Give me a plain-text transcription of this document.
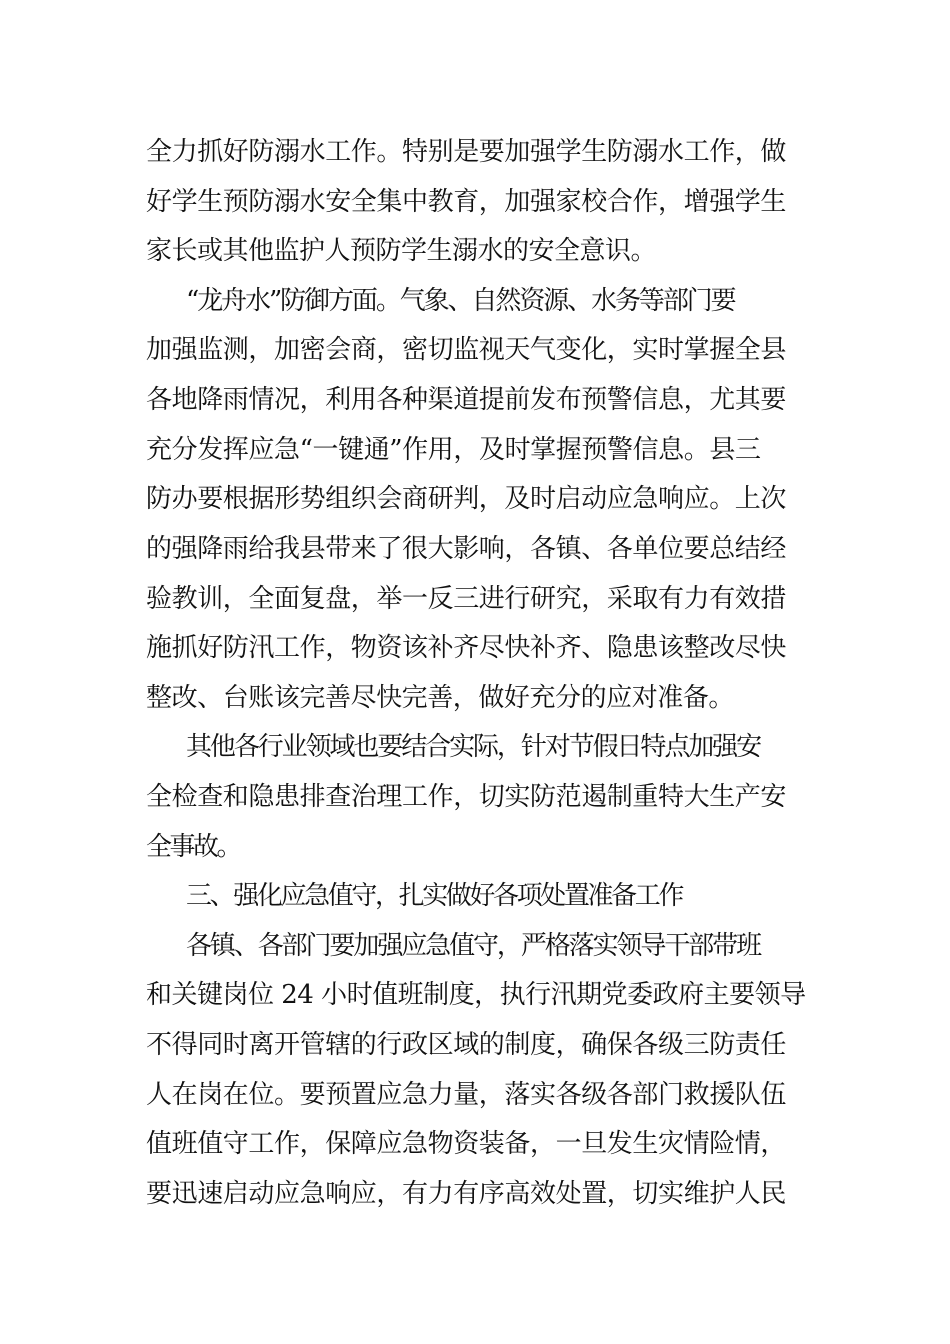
全力抓好防溺水工作。特别是要加强学生防溺水工作，做
好学生预防溺水安全集中教育，加强家校合作，增强学生
家长或其他监护人预防学生溺水的安全意识。
“龙舟水”防御方面。气象、自然资源、水务等部门要
加强监测，加密会商，密切监视天气变化，实时掌握全县
各地降雨情况，利用各种渠道提前发布预警信息，尤其要
充分发挥应急“一键通”作用，及时掌握预警信息。县三
防办要根据形势组织会商研判，及时启动应急响应。上次
的强降雨给我县带来了很大影响，各镇、各单位要总结经
验教训，全面复盘，举一反三进行研究，采取有力有效措
施抓好防汛工作，物资该补齐尽快补齐、隐患该整改尽快
整改、台账该完善尽快完善，做好充分的应对准备。
其他各行业领域也要结合实际，针对节假日特点加强安
全检查和隐患排查治理工作，切实防范遏制重特大生产安
全事故。
三、强化应急值守，扎实做好各项处置准备工作
各镇、各部门要加强应急值守，严格落实领导干部带班
和关键岗位 24 小时值班制度，执行汛期党委政府主要领导
不得同时离开管辖的行政区域的制度，确保各级三防责任
人在岗在位。要预置应急力量，落实各级各部门救援队伍
值班值守工作，保障应急物资装备，一旦发生灾情险情，
要迅速启动应急响应，有力有序高效处置，切实维护人民
